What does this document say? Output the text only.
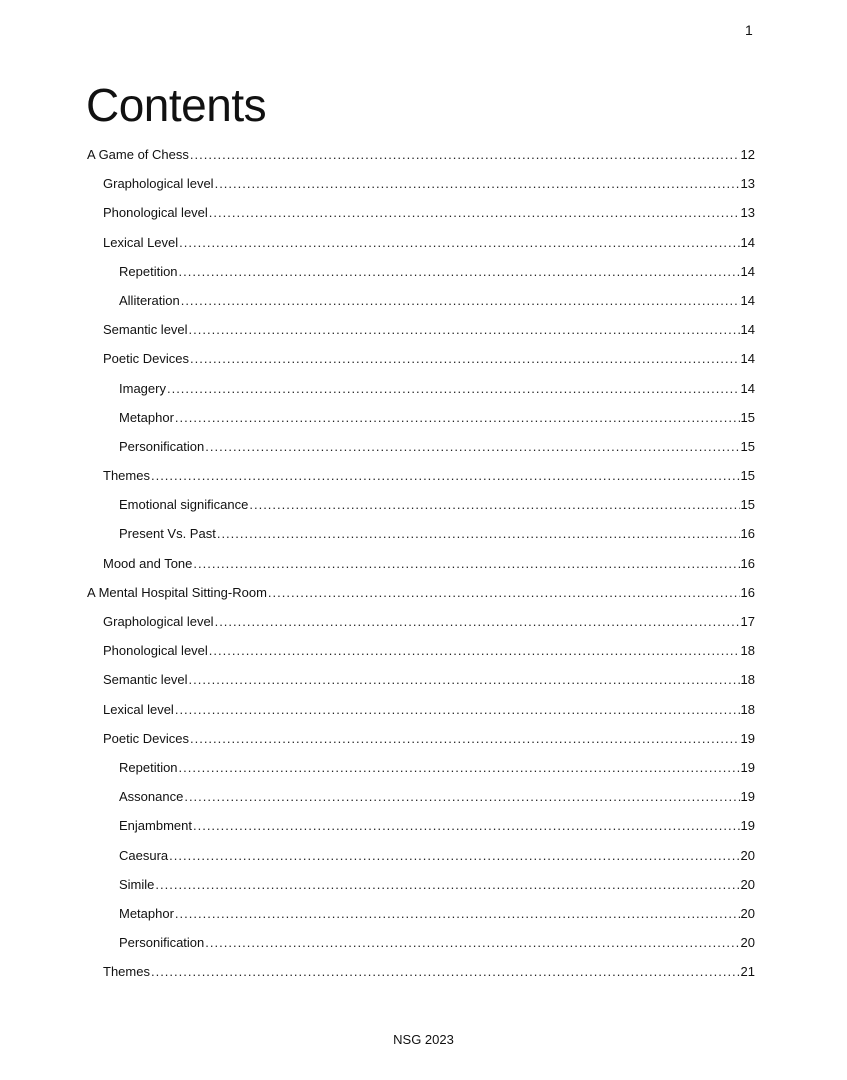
1
Contents
A Game of Chess .....	12
Graphological level .....	13
Phonological level .....	13
Lexical Level .....	14
Repetition .....	14
Alliteration .....	14
Semantic level .....	14
Poetic Devices .....	14
Imagery .....	14
Metaphor .....	15
Personification .....	15
Themes .....	15
Emotional significance .....	15
Present Vs. Past .....	16
Mood and Tone .....	16
A Mental Hospital Sitting-Room .....	16
Graphological level .....	17
Phonological level .....	18
Semantic level .....	18
Lexical level .....	18
Poetic Devices .....	19
Repetition .....	19
Assonance .....	19
Enjambment .....	19
Caesura .....	20
Simile .....	20
Metaphor .....	20
Personification .....	20
Themes .....	21
NSG 2023
